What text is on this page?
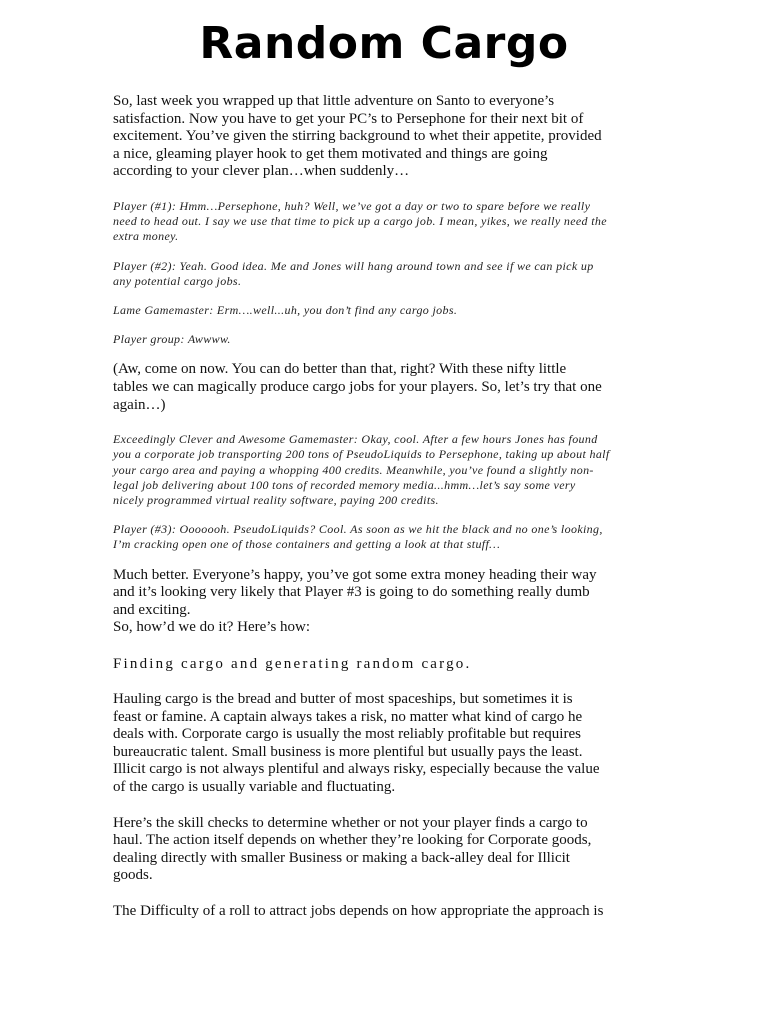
Random Cargo
So, last week you wrapped up that little adventure on Santo to everyone’s
satisfaction. Now you have to get your PC’s to Persephone for their next bit of
excitement. You’ve given the stirring background to whet their appetite, provided
a nice, gleaming player hook to get them motivated and things are going
according to your clever plan…when suddenly…
Player (#1): Hmm…Persephone, huh? Well, we’ve got a day or two to spare before we really
need to head out. I say we use that time to pick up a cargo job. I mean, yikes, we really need the
extra money.
Player (#2): Yeah. Good idea. Me and Jones will hang around town and see if we can pick up
any potential cargo jobs.
Lame Gamemaster: Erm….well...uh, you don’t find any cargo jobs.
Player group: Awwww.
(Aw, come on now. You can do better than that, right? With these nifty little
tables we can magically produce cargo jobs for your players. So, let’s try that one
again…)
Exceedingly Clever and Awesome Gamemaster: Okay, cool. After a few hours Jones has found
you a corporate job transporting 200 tons of PseudoLiquids to Persephone, taking up about half
your cargo area and paying a whopping 400 credits. Meanwhile, you’ve found a slightly non-
legal job delivering about 100 tons of recorded memory media...hmm…let’s say some very
nicely programmed virtual reality software, paying 200 credits.
Player (#3): Ooooooh. PseudoLiquids? Cool. As soon as we hit the black and no one’s looking,
I’m cracking open one of those containers and getting a look at that stuff…
Much better. Everyone’s happy, you’ve got some extra money heading their way
and it’s looking very likely that Player #3 is going to do something really dumb
and exciting.
So, how’d we do it? Here’s how:
Finding cargo and generating random cargo.
Hauling cargo is the bread and butter of most spaceships, but sometimes it is
feast or famine. A captain always takes a risk, no matter what kind of cargo he
deals with. Corporate cargo is usually the most reliably profitable but requires
bureaucratic talent. Small business is more plentiful but usually pays the least.
Illicit cargo is not always plentiful and always risky, especially because the value
of the cargo is usually variable and fluctuating.
Here’s the skill checks to determine whether or not your player finds a cargo to
haul. The action itself depends on whether they’re looking for Corporate goods,
dealing directly with smaller Business or making a back-alley deal for Illicit
goods.
The Difficulty of a roll to attract jobs depends on how appropriate the approach is
